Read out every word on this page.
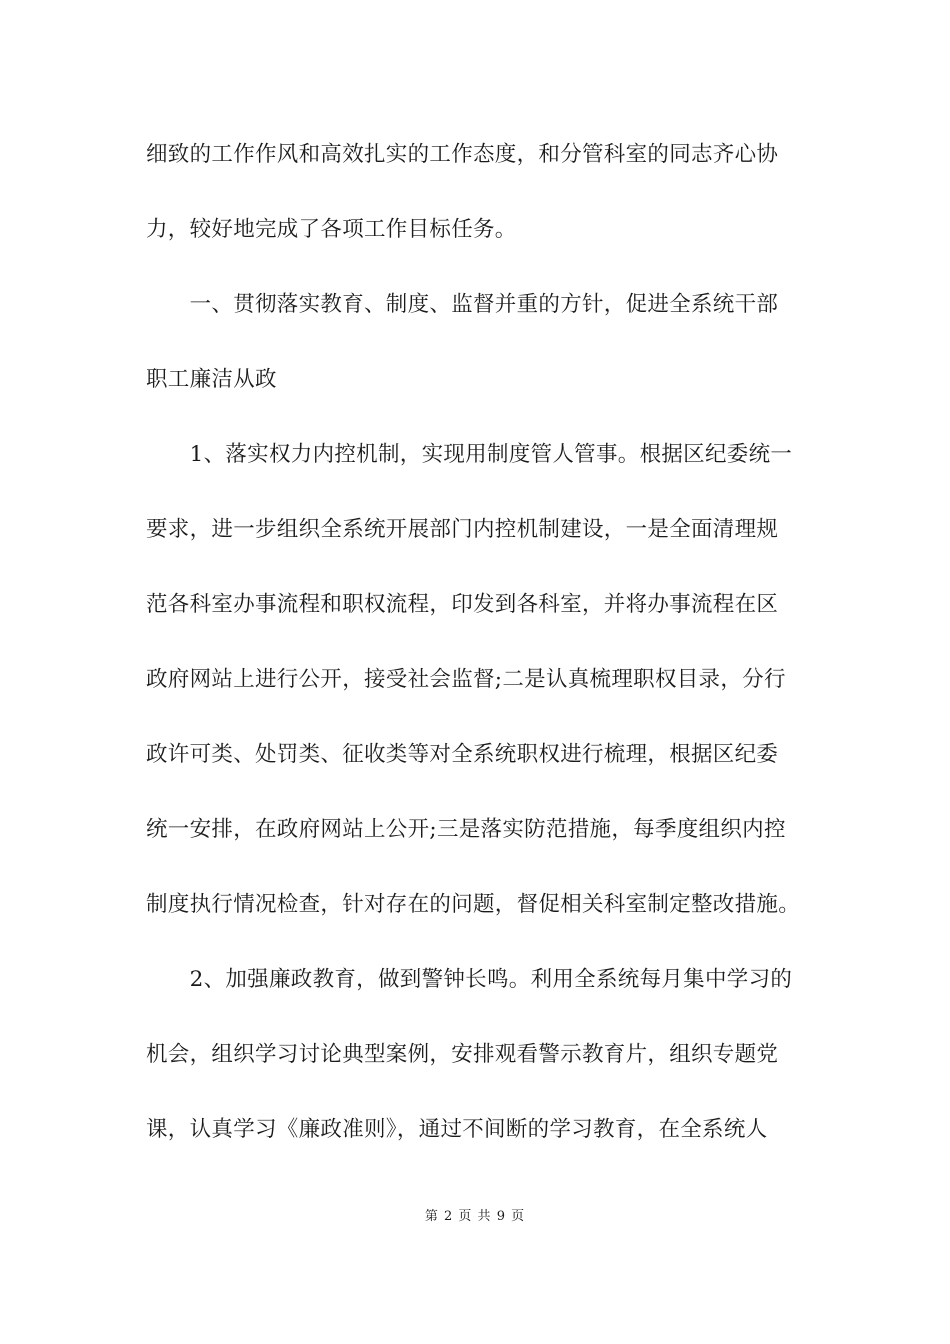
细致的工作作风和高效扎实的工作态度，和分管科室的同志齐心协
力，较好地完成了各项工作目标任务。
　　一、贯彻落实教育、制度、监督并重的方针，促进全系统干部
职工廉洁从政
　　1、落实权力内控机制，实现用制度管人管事。根据区纪委统一
要求，进一步组织全系统开展部门内控机制建设，一是全面清理规
范各科室办事流程和职权流程，印发到各科室，并将办事流程在区
政府网站上进行公开，接受社会监督;二是认真梳理职权目录，分行
政许可类、处罚类、征收类等对全系统职权进行梳理，根据区纪委
统一安排，在政府网站上公开;三是落实防范措施，每季度组织内控
制度执行情况检查，针对存在的问题，督促相关科室制定整改措施。
　　2、加强廉政教育，做到警钟长鸣。利用全系统每月集中学习的
机会，组织学习讨论典型案例，安排观看警示教育片，组织专题党
课，认真学习《廉政准则》，通过不间断的学习教育，在全系统人
第 2 页 共 9 页
